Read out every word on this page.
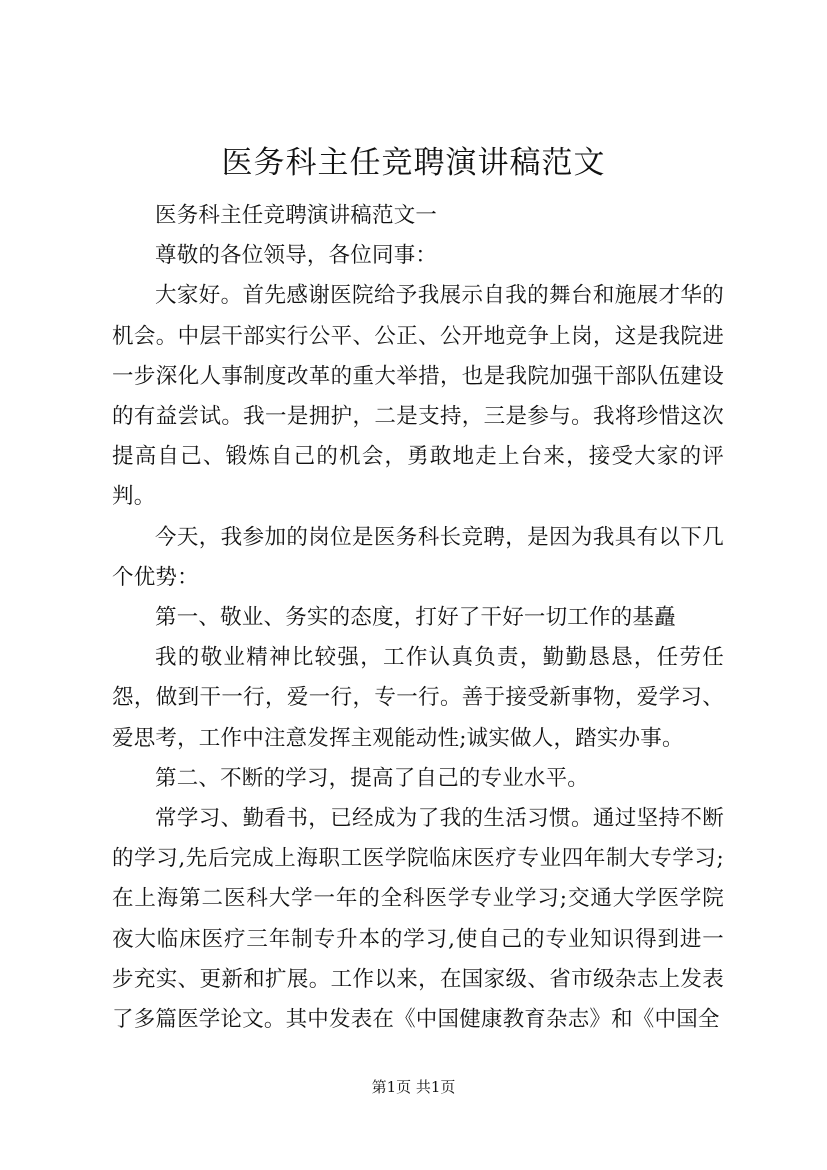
医务科主任竞聘演讲稿范文

医务科主任竞聘演讲稿范文一

尊敬的各位领导，各位同事：

大家好。首先感谢医院给予我展示自我的舞台和施展才华的机会。中层干部实行公平、公正、公开地竞争上岗，这是我院进一步深化人事制度改革的重大举措，也是我院加强干部队伍建设的有益尝试。我一是拥护，二是支持，三是参与。我将珍惜这次提高自己、锻炼自己的机会，勇敢地走上台来，接受大家的评判。

今天，我参加的岗位是医务科长竞聘，是因为我具有以下几个优势：

第一、敬业、务实的态度，打好了干好一切工作的基矗

我的敬业精神比较强，工作认真负责，勤勤恳恳，任劳任怨，做到干一行，爱一行，专一行。善于接受新事物，爱学习、爱思考，工作中注意发挥主观能动性;诚实做人，踏实办事。

第二、不断的学习，提高了自己的专业水平。

常学习、勤看书，已经成为了我的生活习惯。通过坚持不断的学习,先后完成上海职工医学院临床医疗专业四年制大专学习;在上海第二医科大学一年的全科医学专业学习;交通大学医学院夜大临床医疗三年制专升本的学习,使自己的专业知识得到进一步充实、更新和扩展。工作以来，在国家级、省市级杂志上发表了多篇医学论文。其中发表在《中国健康教育杂志》和《中国全

第1页 共1页
